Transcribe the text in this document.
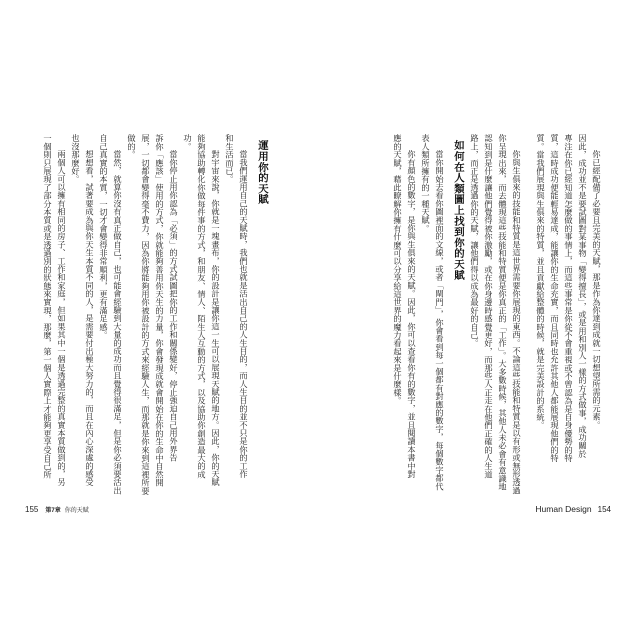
運用你的天賦
當我們運用自己的天賦時，我們也就是活出自己的人生目的，而人生目的並不只是你的工作
和生活而已。
對宇宙來說，你就是一塊畫布，你的設計是讓你這一生可以展現天賦的地方。因此，你的天賦
能夠協助轉化你做每件事的方式，和朋友、情人、陌生人互動的方式，以及協助你創造最大的成
功。
當你停止用你認為「必須」的方式試圖把你的工作和關係變好，停止強迫自己用外界告
訴你「應該」使用的方式，你就能夠善用你天生的力量，你會發現成就會開始在你的生命中自然開
展，一切都會變得毫不費力，因為你將能夠用你被設計的方式來經驗人生，而那就是你來到這裡所要
做的。
當然，就算你沒有真正做自己，也可能會經驗到大量的成功而且覺得很滿足，但是你必須要活出
自己真實的本質，一切才會變得非常順利，更有滿足感。
想想看，試著要成為與你天生本質不同的人，是需要付出極大努力的，而且在內心深處的感受
也沒那麼好。
兩個人可以擁有相同的房子、工作和家庭，但如果其中一個是透過完整的真實本質做到的，另
一個則只展現了部分本質或是透過別的狀態來實現，那麼，第一個人實際上才能夠更享受自己所
155 第7章 你的天賦
你已經配備了必要且完美的天賦，那是作為你達到成就一切想望所需的元素。
因此，成功並不是要試圖對某事物「變得擅長」，或是用和別人一樣的方式做事，成功關於
專注在你已經知道怎麼做的事情上，而這些事常是你從不會重視或不曾認為是自身優勢的特
質，這時成功便能輕易達成，能讓你的生命充實，而且同時也允許其他人都能展現他們的特
質。當我們展現與生俱來的特質，並且貢獻給整體的時候，就是完美設計的系統。
你與生俱來的技能和特質是這世界需要你展現的東西。不論這些技能和特質是以有形或無形透過
你呈現出來，而去體現這些技能和特質便是你真正的「工作」。大多數時候，其他人未必會有意識地
認知到是什麼讓他們覺得被你激勵，或在你身邊時感覺更好，而那些人正走在他們正確的人生道
路上，而正是透過你的天賦，讓他們得以成為最好的自己。
如何在人類圖上找到你的天賦
當你開始去看你圖裡面的文線，或者「閘門」，你會看到每一個都有對應的數字，每個數字都代
表人類所擁有的一種天賦。
你有顏色的數字，是你與生俱來的天賦。因此，你可以查看你有的數字，並且閱讀本書中對
應的天賦，藉此瞭解你擁有什麼可以分享給這世界的魔力看起來是什麼樣。
Human Design 154
